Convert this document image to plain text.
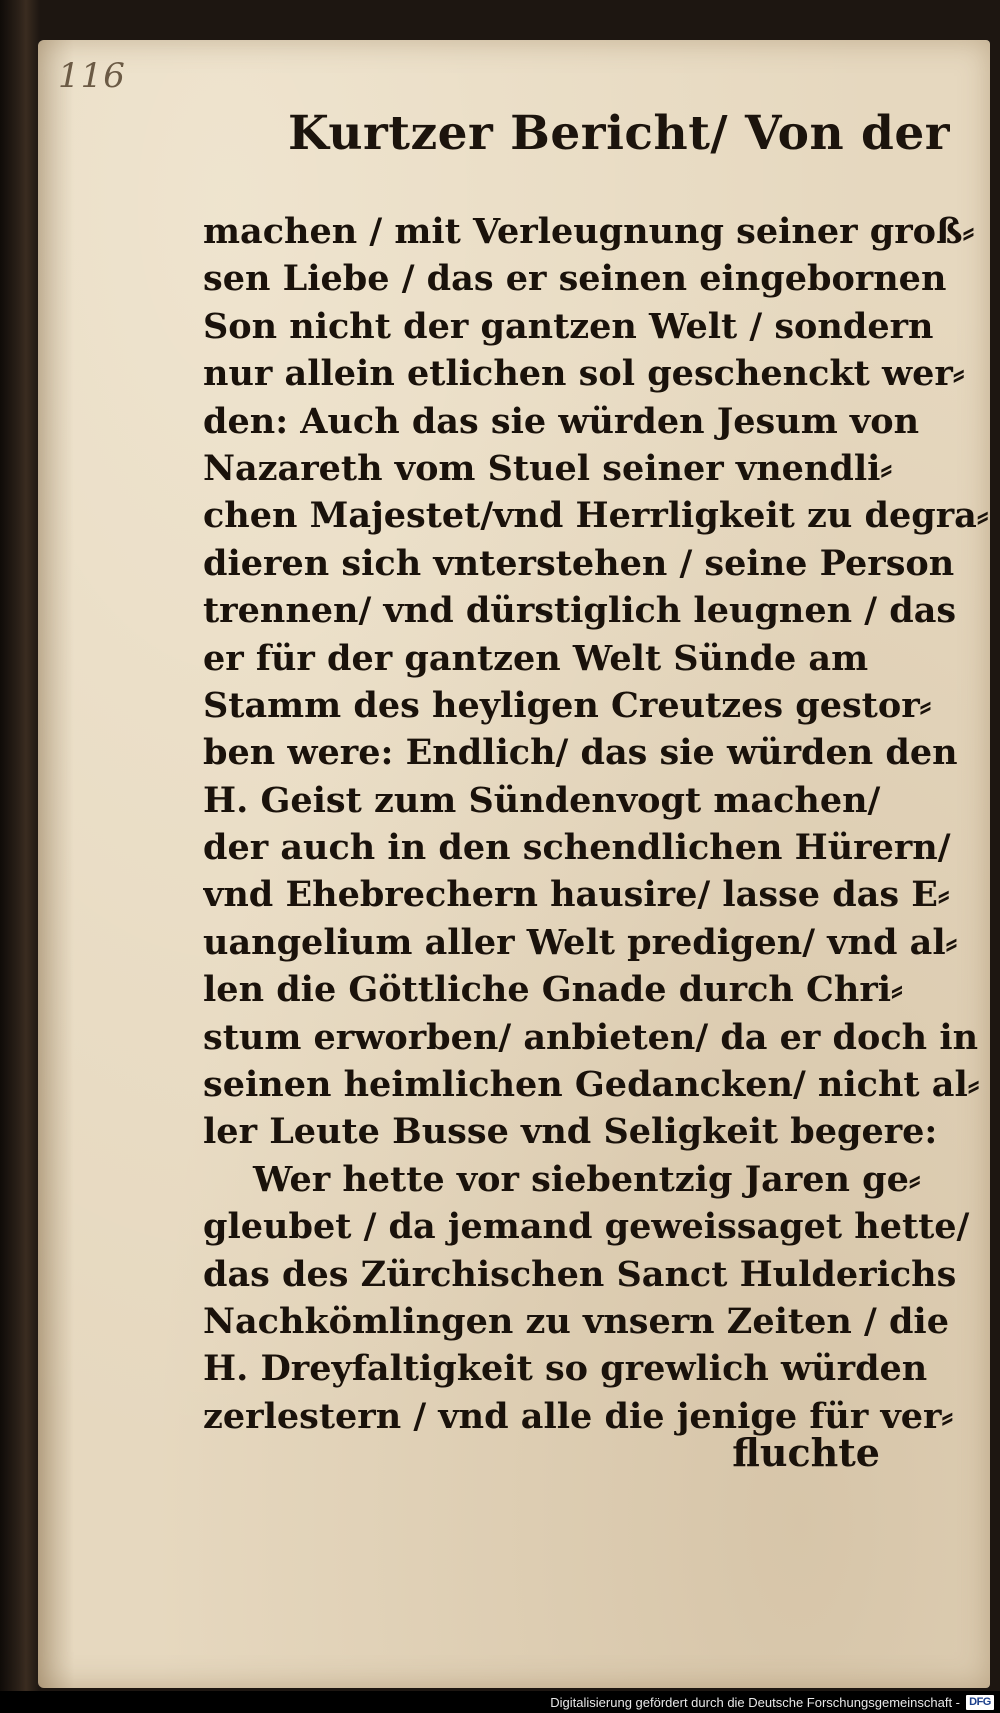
116
Kurtzer Bericht/ Von der
machen / mit Verleugnung seiner groß⸗
sen Liebe / das er seinen eingebornen
Son nicht der gantzen Welt / sondern
nur allein etlichen sol geschenckt wer⸗
den: Auch das sie würden Jesum von
Nazareth vom Stuel seiner vnendli⸗
chen Majestet/vnd Herrligkeit zu degra⸗
dieren sich vnterstehen / seine Person
trennen/ vnd dürstiglich leugnen / das
er für der gantzen Welt Sünde am
Stamm des heyligen Creutzes gestor⸗
ben were: Endlich/ das sie würden den
H. Geist zum Sündenvogt machen/
der auch in den schendlichen Hürern/
vnd Ehebrechern hausire/ lasse das E⸗
uangelium aller Welt predigen/ vnd al⸗
len die Göttliche Gnade durch Chri⸗
stum erworben/ anbieten/ da er doch in
seinen heimlichen Gedancken/ nicht al⸗
ler Leute Busse vnd Seligkeit begere:
Wer hette vor siebentzig Jaren ge⸗
gleubet / da jemand geweissaget hette/
das des Zürchischen Sanct Hulderichs
Nachkömlingen zu vnsern Zeiten / die
H. Dreyfaltigkeit so grewlich würden
zerlestern / vnd alle die jenige für ver⸗
fluchte
Digitalisierung gefördert durch die Deutsche Forschungsgemeinschaft - DFG
